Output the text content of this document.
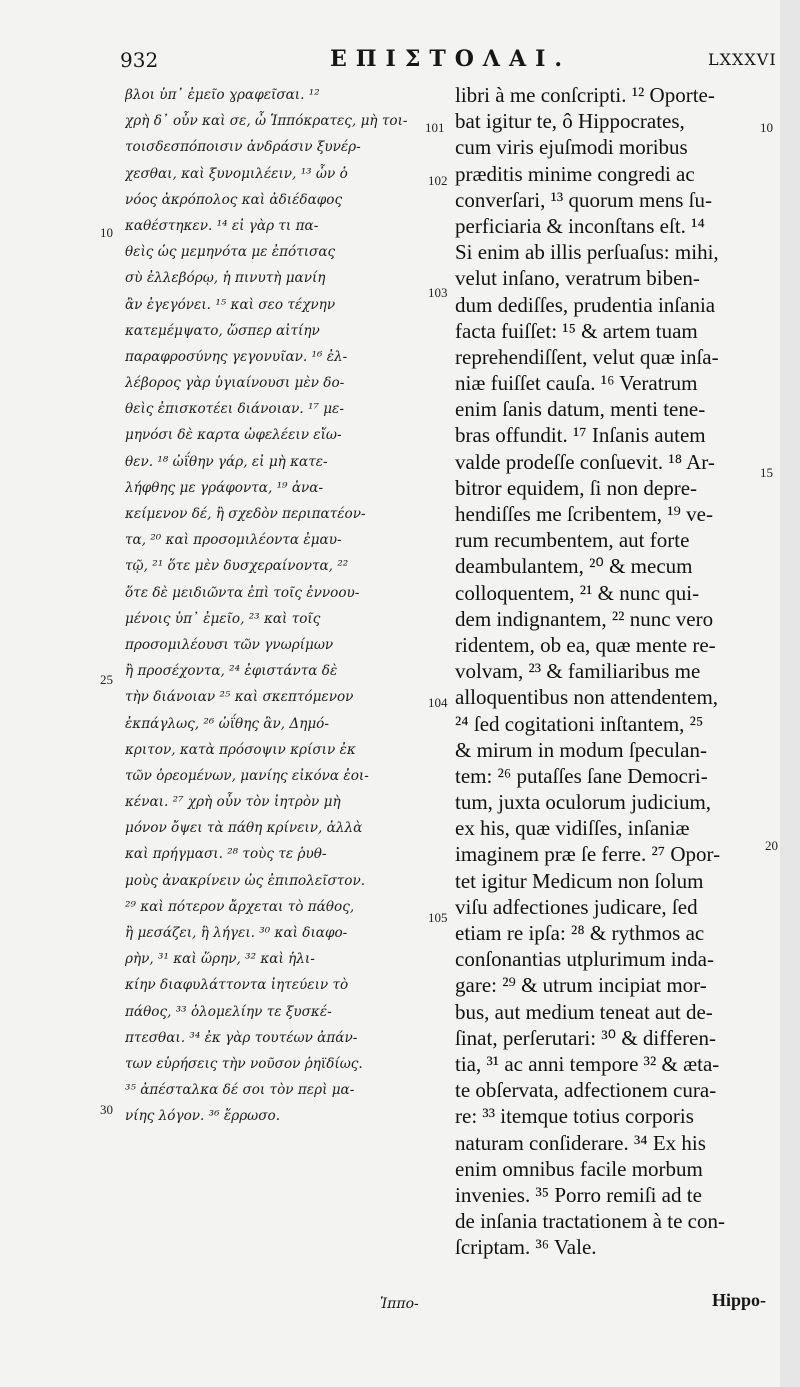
932	ΕΠΙΣΤΟΛΑΙ.	LXXXVI
βλοι ὑπ᾽ ἐμεῖο ɣραφεῖσαι. ¹²
χρὴ δ᾽ οὖν καὶ σε, ὦ Ἱππόκρατες, μὴ τοι-
τοισδεσπόποισιν ἀνδράσιν ξυνέρ-
χεσθαι, καὶ ξυνομιλέειν, ¹³ ὧν ὁ
νόος ἀκρόπολος καὶ ἀδιέδαφος
καθέστηκεν. ¹⁴ εἰ γὰρ τι πα-
θεὶς ὡς μεμηνότα με ἐπότισας
σὺ ἐλλεβόρῳ, ἡ πινυτὴ μανίη
ἂν ἐγεγόνει. ¹⁵ καὶ σεο τέχνην
κατεμέμψατο, ὥσπερ αἰτίην
παραφροσύνης γεγονυῖαν. ¹⁶ ἐλ-
λέβορος γὰρ ὑγιαίνουσι μὲν δο-
θεὶς ἐπισκοτέει διάνοιαν. ¹⁷ με-
μηνόσι δὲ καρτα ὠφελέειν εἴω-
θεν. ¹⁸ ὠΐθην γάρ, εἰ μὴ κατε-
λήφθης με γράφοντα, ¹⁹ ἀνα-
κείμενον δέ, ἢ σχεδὸν περιπατέον-
τα, ²⁰ καὶ προσομιλέοντα ἐμαυ-
τῷ, ²¹ ὅτε μὲν δυσχεραίνοντα, ²²
ὅτε δὲ μειδιῶντα ἐπὶ τοῖς ἐννοου-
μένοις ὑπ᾽ ἐμεῖο, ²³ καὶ τοῖς
προσομιλέουσι τῶν γνωρίμων
ἢ προσέχοντα, ²⁴ ἐφιστάντα δὲ
τὴν διάνοιαν ²⁵ καὶ σκεπτόμενον
ἐκπάγλως, ²⁶ ὠΐθης ἂν, Δημό-
κριτον, κατὰ πρόσοψιν κρίσιν ἐκ
τῶν ὁρεομένων, μανίης εἰκόνα ἐοι-
κέναι. ²⁷ χρὴ οὖν τὸν ἰητρὸν μὴ
μόνον ὄψει τὰ πάθη κρίνειν, ἀλλὰ
καὶ πρήγμασι. ²⁸ τοὺς τε ῥυθ-
μοὺς ἀνακρίνειν ὡς ἐπιπολεῖστον.
²⁹ καὶ πότερον ἄρχεται τὸ πάθος,
ἢ μεσάζει, ἢ λήγει. ³⁰ καὶ διαφο-
ρὴν, ³¹ καὶ ὥρην, ³² καὶ ἡλι-
κίην διαφυλάττοντα ἰητεύειν τὸ
πάθος, ³³ ὁλομελίην τε ξυσκέ-
πτεσθαι. ³⁴ ἐκ γὰρ τουτέων ἁπάν-
των εὑρήσεις τὴν νοῦσον ῥηϊδίως.
³⁵ ἀπέσταλκα δέ σοι τὸν περὶ μα-
νίης λόγον. ³⁶ ἔρρωσο.
libri à me conſcripti. ¹² Oporte-
bat igitur te, ô Hippocrates,
cum viris ejuſmodi moribus
præditis minime congredi ac
converſari, ¹³ quorum mens ſu-
perficiaria & inconſtans eſt. ¹⁴
Si enim ab illis perſuaſus: mihi,
velut inſano, veratrum biben-
dum dediſſes, prudentia inſania
facta fuiſſet: ¹⁵ & artem tuam
reprehendiſſent, velut quæ inſa-
niæ fuiſſet cauſa. ¹⁶ Veratrum
enim ſanis datum, menti tene-
bras offundit. ¹⁷ Inſanis autem
valde prodeſſe conſuevit. ¹⁸ Ar-
bitror equidem, ſi non depre-
hendiſſes me ſcribentem, ¹⁹ ve-
rum recumbentem, aut forte
deambulantem, ²⁰ & mecum
colloquentem, ²¹ & nunc qui-
dem indignantem, ²² nunc vero
ridentem, ob ea, quæ mente re-
volvam, ²³ & familiaribus me
alloquentibus non attendentem,
²⁴ ſed cogitationi inſtantem, ²⁵
& mirum in modum ſpeculan-
tem: ²⁶ putaſſes ſane Democri-
tum, juxta oculorum judicium,
ex his, quæ vidiſſes, inſaniæ
imaginem præ ſe ferre. ²⁷ Opor-
tet igitur Medicum non ſolum
viſu adfectiones judicare, ſed
etiam re ipſa: ²⁸ & rythmos ac
conſonantias utplurimum inda-
gare: ²⁹ & utrum incipiat mor-
bus, aut medium teneat aut de-
ſinat, perſerutari: ³⁰ & differen-
tia, ³¹ ac anni tempore ³² & æta-
te obſervata, adfectionem cura-
re: ³³ itemque totius corporis
naturam conſiderare. ³⁴ Ex his
enim omnibus facile morbum
invenies. ³⁵ Porro remiſi ad te
de inſania tractationem à te con-
ſcriptam. ³⁶ Vale.
10
25
30
101
102
103
104
105
10
15
20
Ἱππο-	Hippo-
